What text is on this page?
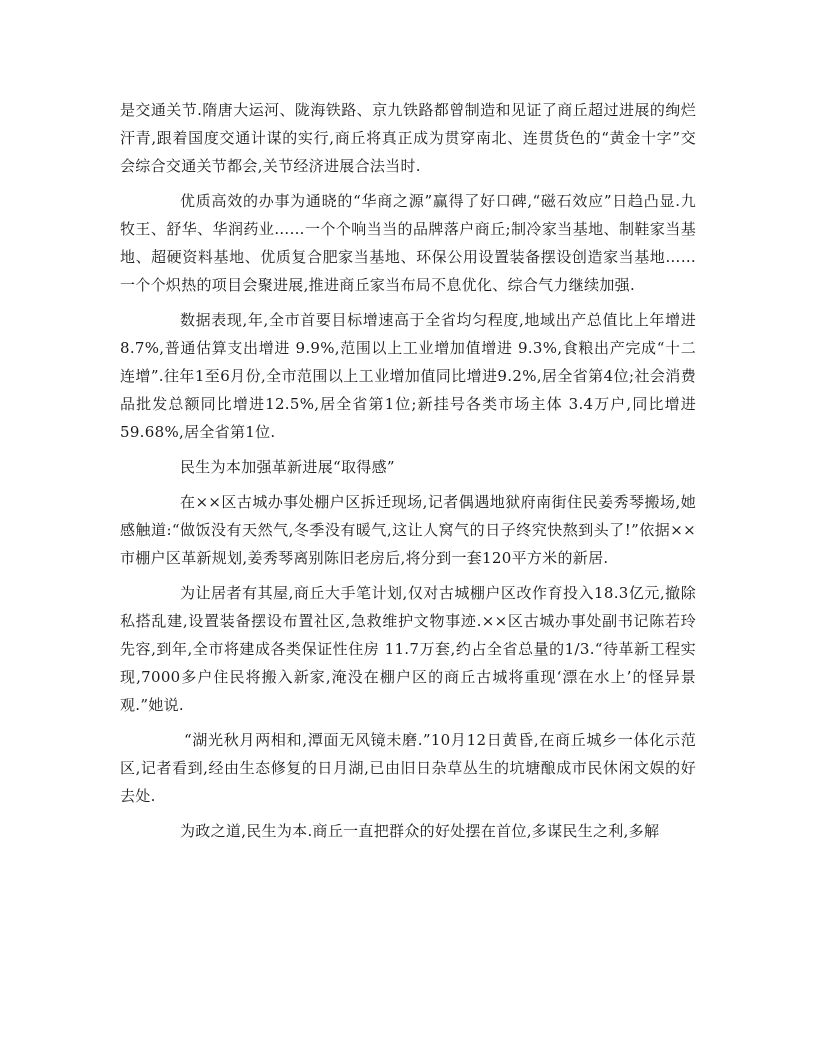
是交通关节.隋唐大运河、陇海铁路、京九铁路都曾制造和见证了商丘超过进展的绚烂汗青,跟着国度交通计谋的实行,商丘将真正成为贯穿南北、连贯货色的“黄金十字”交会综合交通关节都会,关节经济进展合法当时.

优质高效的办事为通晓的“华商之源”赢得了好口碑,“磁石效应”日趋凸显.九牧王、舒华、华润药业……一个个响当当的品牌落户商丘;制冷家当基地、制鞋家当基地、超硬资料基地、优质复合肥家当基地、环保公用设置装备摆设创造家当基地……一个个炽热的项目会聚进展,推进商丘家当布局不息优化、综合气力继续加强.

数据表现,年,全市首要目标增速高于全省均匀程度,地域出产总值比上年增进 8.7%,普通估算支出增进 9.9%,范围以上工业增加值增进 9.3%,食粮出产完成“十二连增”.往年1至6月份,全市范围以上工业增加值同比增进9.2%,居全省第4位;社会消费品批发总额同比增进12.5%,居全省第1位;新挂号各类市场主体 3.4万户,同比增进59.68%,居全省第1位.

民生为本加强革新进展“取得感”

在××区古城办事处棚户区拆迁现场,记者偶遇地狱府南街住民姜秀琴搬场,她感触道:“做饭没有天然气,冬季没有暖气,这让人窝气的日子终究快熬到头了!”依据××市棚户区革新规划,姜秀琴离别陈旧老房后,将分到一套120平方米的新居.

为让居者有其屋,商丘大手笔计划,仅对古城棚户区改作育投入18.3亿元,撤除私搭乱建,设置装备摆设布置社区,急救维护文物事迹.××区古城办事处副书记陈若玲先容,到年,全市将建成各类保证性住房 11.7万套,约占全省总量的1/3.“待革新工程实现,7000多户住民将搬入新家,淹没在棚户区的商丘古城将重现‘漂在水上’的怪异景观.”她说.

“湖光秋月两相和,潭面无风镜未磨.”10月12日黄昏,在商丘城乡一体化示范区,记者看到,经由生态修复的日月湖,已由旧日杂草丛生的坑塘酿成市民休闲文娱的好去处.

为政之道,民生为本.商丘一直把群众的好处摆在首位,多谋民生之利,多解
